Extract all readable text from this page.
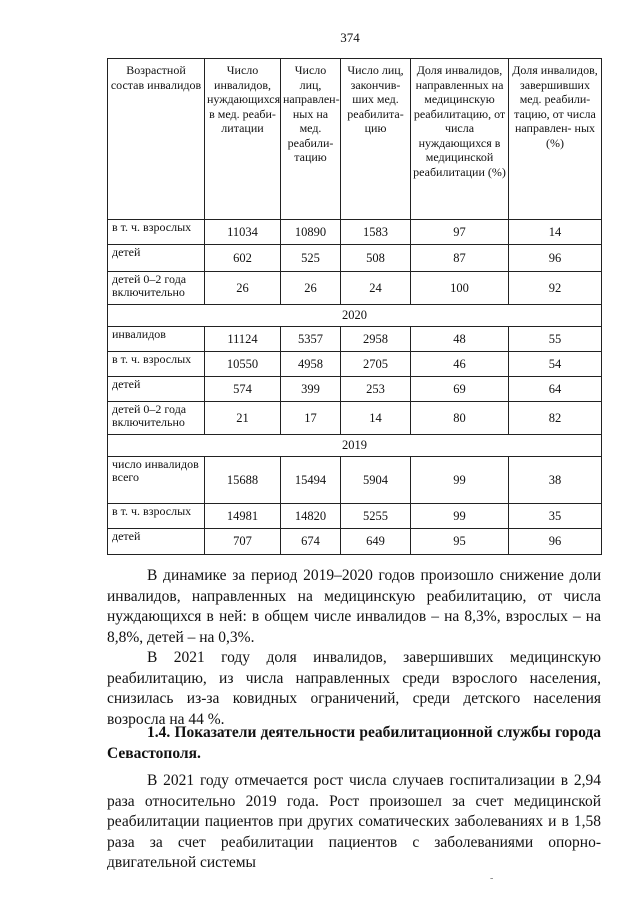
374
Возрастной состав инвалидов	Число инвалидов, нуждающихся в мед. реаби- литации	Число лиц, направлен- ных на мед. реабили- тацию	Число лиц, закончив- ших мед. реабилита- цию	Доля инвалидов, направленных на медицинскую реабилитацию, от числа нуждающихся в медицинской реабилитации (%)	Доля инвалидов, завершивших мед. реабили- тацию, от числа направлен- ных (%)
в т. ч. взрослых	11034	10890	1583	97	14
детей	602	525	508	87	96
детей 0–2 года включительно	26	26	24	100	92
2020					
инвалидов	11124	5357	2958	48	55
в т. ч. взрослых	10550	4958	2705	46	54
детей	574	399	253	69	64
детей 0–2 года включительно	21	17	14	80	82
2019					
число инвалидов всего	15688	15494	5904	99	38
в т. ч. взрослых	14981	14820	5255	99	35
детей	707	674	649	95	96

В динамике за период 2019–2020 годов произошло снижение доли инвалидов, направленных на медицинскую реабилитацию, от числа нуждающихся в ней: в общем числе инвалидов – на 8,3%, взрослых – на 8,8%, детей – на 0,3%.

В 2021 году доля инвалидов, завершивших медицинскую реабилитацию, из числа направленных среди взрослого населения, снизилась из-за ковидных ограничений, среди детского населения возросла на 44 %.

1.4. Показатели деятельности реабилитационной службы города Севастополя.

В 2021 году отмечается рост числа случаев госпитализации в 2,94 раза относительно 2019 года. Рост произошел за счет медицинской реабилитации пациентов при других соматических заболеваниях и в 1,58 раза за счет реабилитации пациентов с заболеваниями опорно-двигательной системы

-
